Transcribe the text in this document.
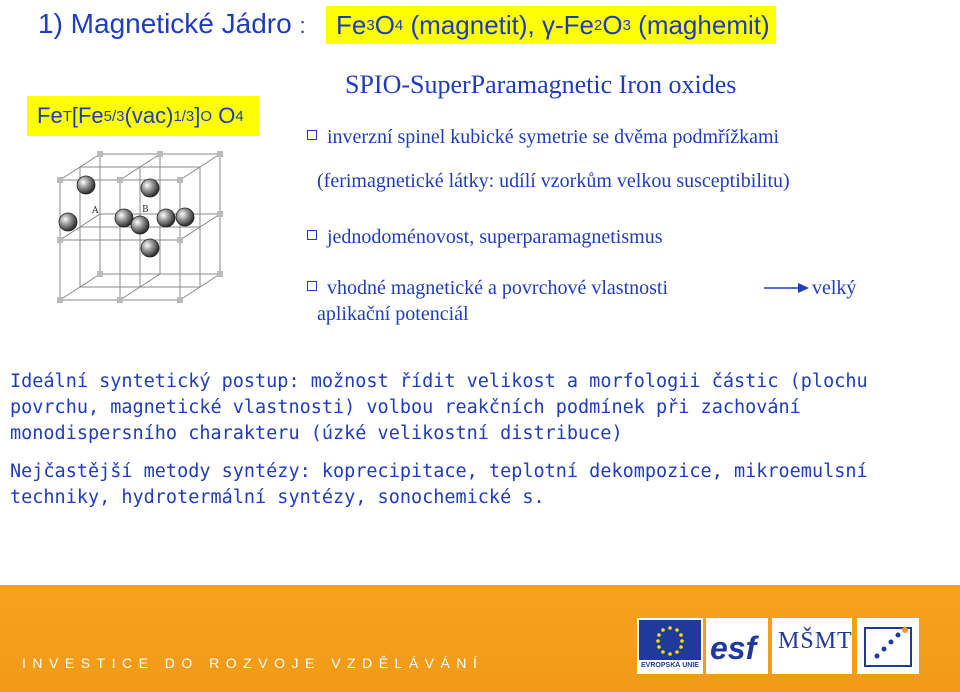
1) Magnetické Jádro : Fe 3 O 4
(magnetit),
γ-Fe 2 O 3
(maghemit)
SPIO-SuperParamagnetic Iron oxides
Fe T [Fe 5/3 (vac) 1/3 ] O
O 4
A	B
inverzní spinel kubické symetrie se dvěma podmřížkami
(ferimagnetické látky: udílí vzorkům velkou susceptibilitu)
jednodoménovost, superparamagnetismus
vhodné magnetické a povrchové vlastnosti	velký
aplikační potenciál
Ideální syntetický postup: možnost řídit velikost a morfologii částic (plochu povrchu, magnetické vlastnosti) volbou reakčních podmínek při zachování monodispersního charakteru (úzké velikostní distribuce)
Nejčastější metody syntézy: koprecipitace, teplotní dekompozice, mikroemulsní techniky, hydrotermální syntézy, sonochemické s.
INVESTICE DO ROZVOJE VZDĚLÁVÁNÍ	EVROPSKÁ UNIE esf MŠMT
